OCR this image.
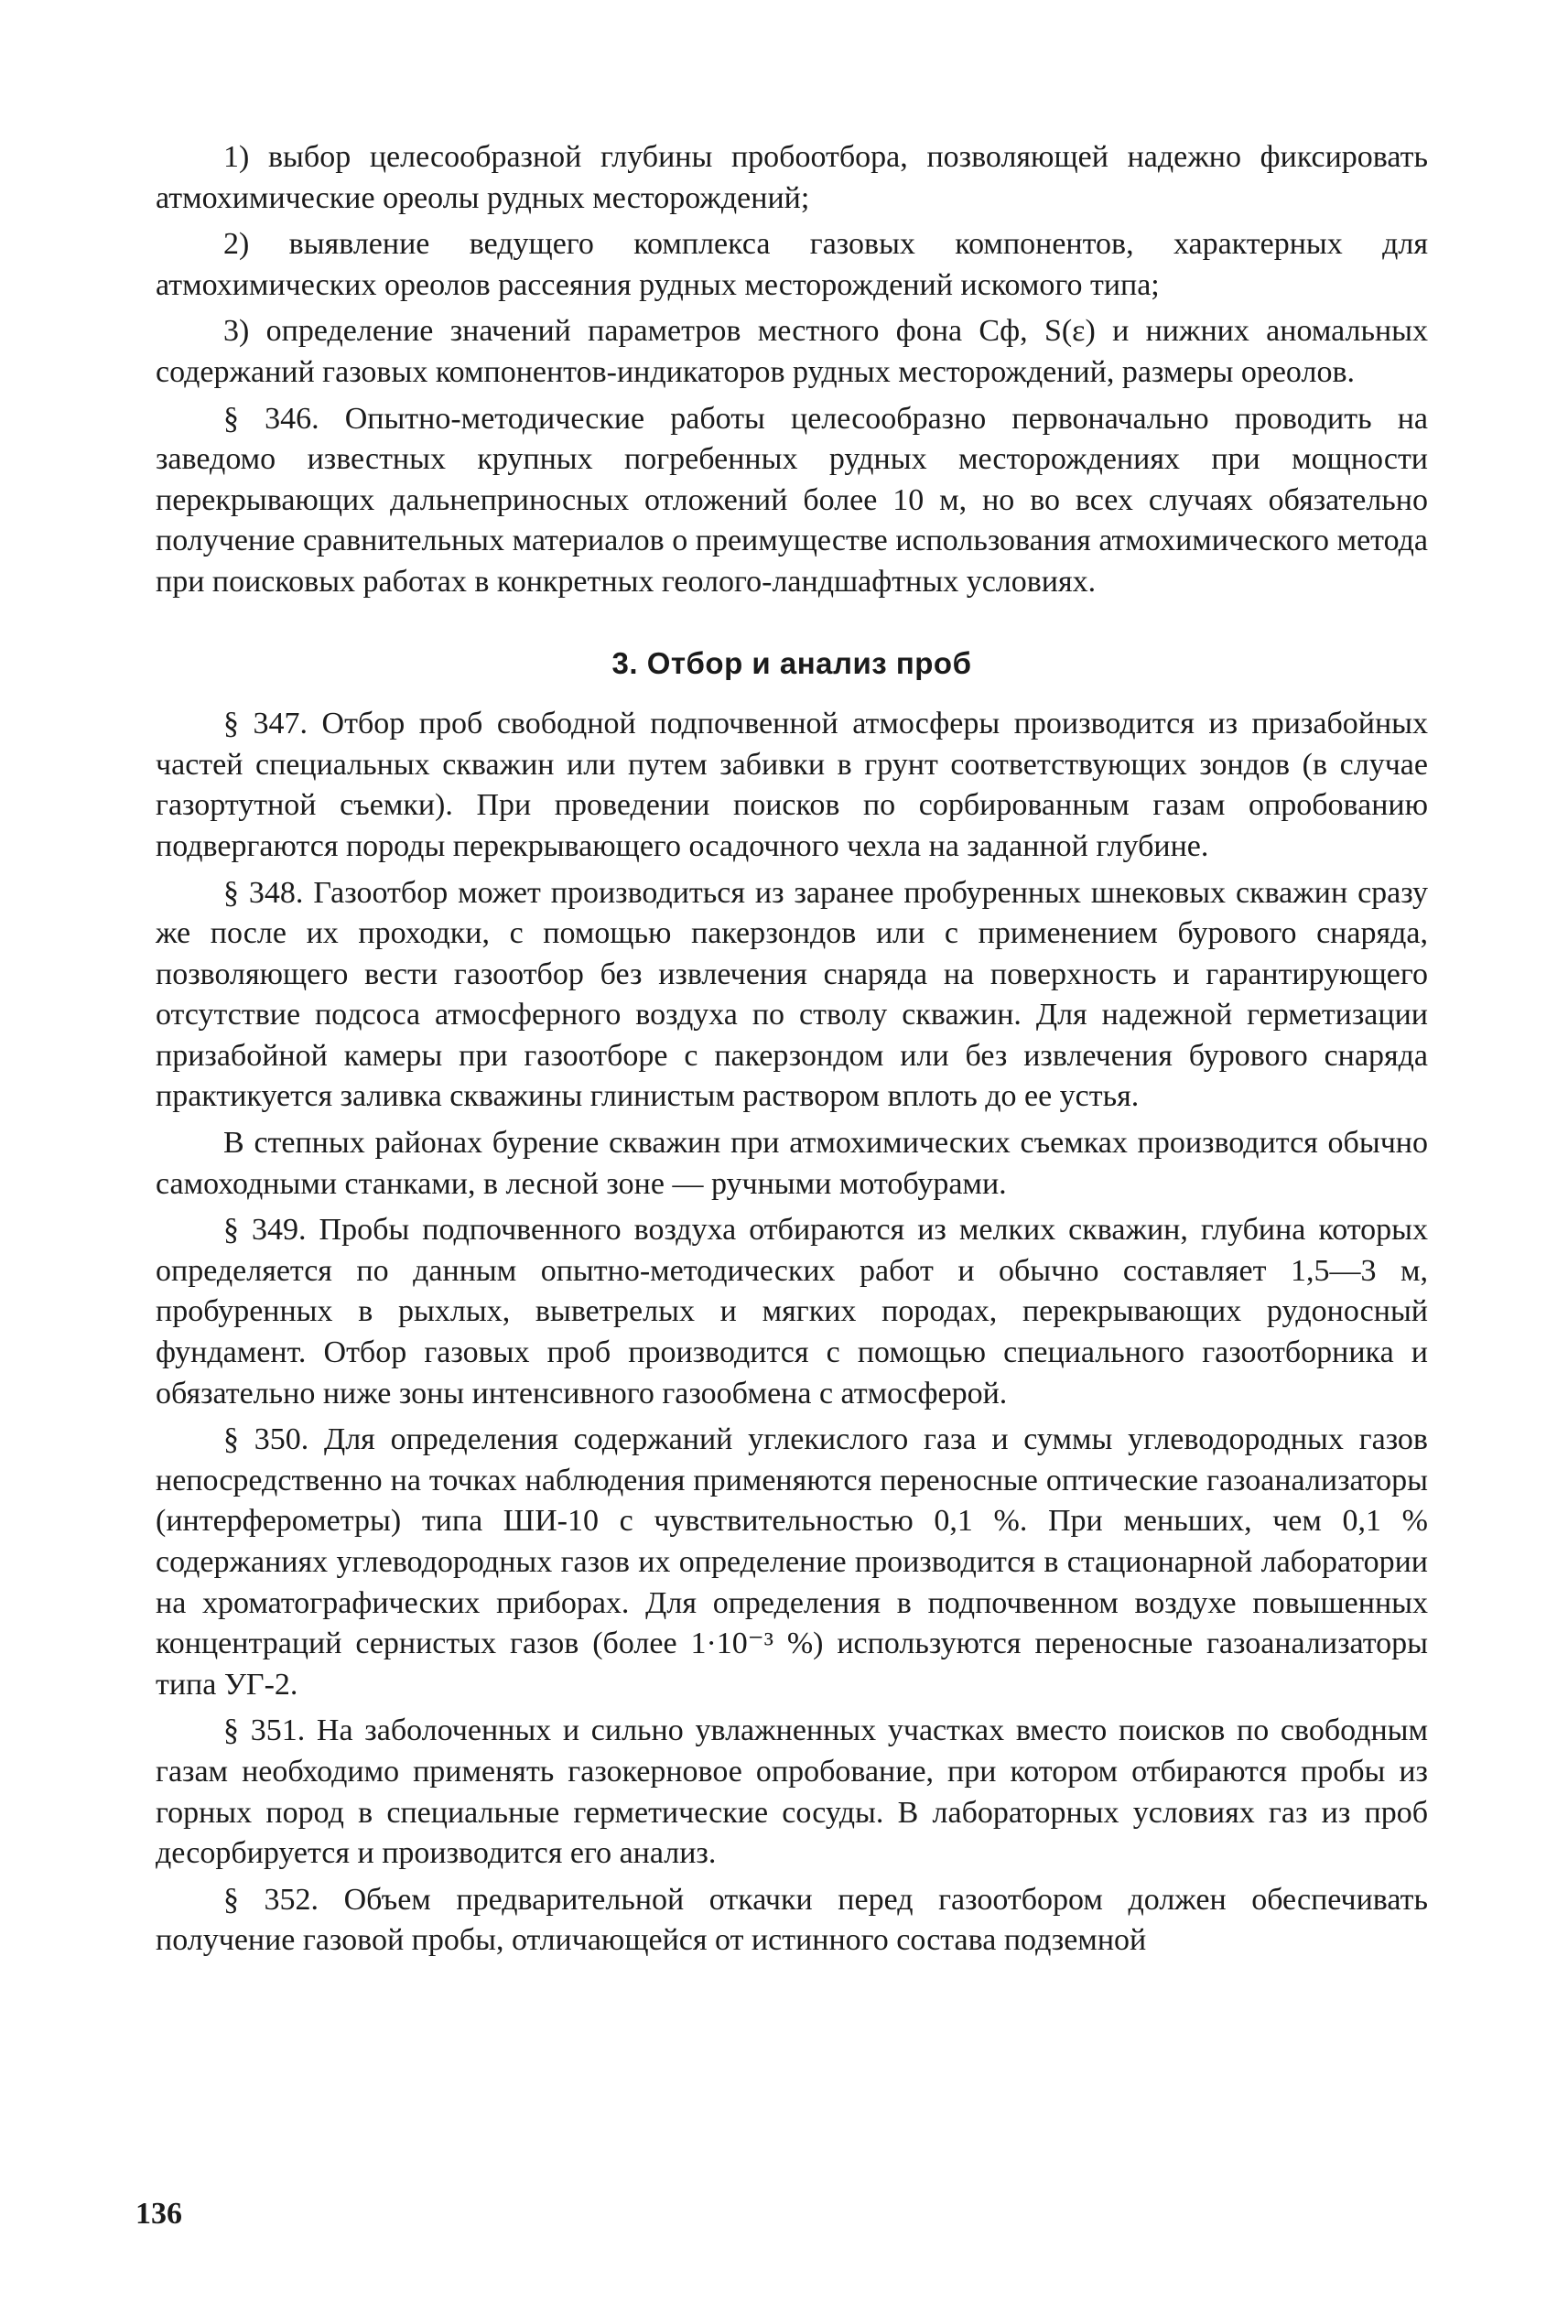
1) выбор целесообразной глубины пробоотбора, позволяющей надежно фиксировать атмохимические ореолы рудных месторождений;

2) выявление ведущего комплекса газовых компонентов, характерных для атмохимических ореолов рассеяния рудных месторождений искомого типа;

3) определение значений параметров местного фона Cф, S(ε) и нижних аномальных содержаний газовых компонентов-индикаторов рудных месторождений, размеры ореолов.

§ 346. Опытно-методические работы целесообразно первоначально проводить на заведомо известных крупных погребенных рудных месторождениях при мощности перекрывающих дальнеприносных отложений более 10 м, но во всех случаях обязательно получение сравнительных материалов о преимуществе использования атмохимического метода при поисковых работах в конкретных геолого-ландшафтных условиях.

3. Отбор и анализ проб

§ 347. Отбор проб свободной подпочвенной атмосферы производится из призабойных частей специальных скважин или путем забивки в грунт соответствующих зондов (в случае газортутной съемки). При проведении поисков по сорбированным газам опробованию подвергаются породы перекрывающего осадочного чехла на заданной глубине.

§ 348. Газоотбор может производиться из заранее пробуренных шнековых скважин сразу же после их проходки, с помощью пакерзондов или с применением бурового снаряда, позволяющего вести газоотбор без извлечения снаряда на поверхность и гарантирующего отсутствие подсоса атмосферного воздуха по стволу скважин. Для надежной герметизации призабойной камеры при газоотборе с пакерзондом или без извлечения бурового снаряда практикуется заливка скважины глинистым раствором вплоть до ее устья.

В степных районах бурение скважин при атмохимических съемках производится обычно самоходными станками, в лесной зоне — ручными мотобурами.

§ 349. Пробы подпочвенного воздуха отбираются из мелких скважин, глубина которых определяется по данным опытно-методических работ и обычно составляет 1,5—3 м, пробуренных в рыхлых, выветрелых и мягких породах, перекрывающих рудоносный фундамент. Отбор газовых проб производится с помощью специального газоотборника и обязательно ниже зоны интенсивного газообмена с атмосферой.

§ 350. Для определения содержаний углекислого газа и суммы углеводородных газов непосредственно на точках наблюдения применяются переносные оптические газоанализаторы (интерферометры) типа ШИ-10 с чувствительностью 0,1 %. При меньших, чем 0,1 % содержаниях углеводородных газов их определение производится в стационарной лаборатории на хроматографических приборах. Для определения в подпочвенном воздухе повышенных концентраций сернистых газов (более 1·10⁻³ %) используются переносные газоанализаторы типа УГ-2.

§ 351. На заболоченных и сильно увлажненных участках вместо поисков по свободным газам необходимо применять газокерновое опробование, при котором отбираются пробы из горных пород в специальные герметические сосуды. В лабораторных условиях газ из проб десорбируется и производится его анализ.

§ 352. Объем предварительной откачки перед газоотбором должен обеспечивать получение газовой пробы, отличающейся от истинного состава подземной

136
